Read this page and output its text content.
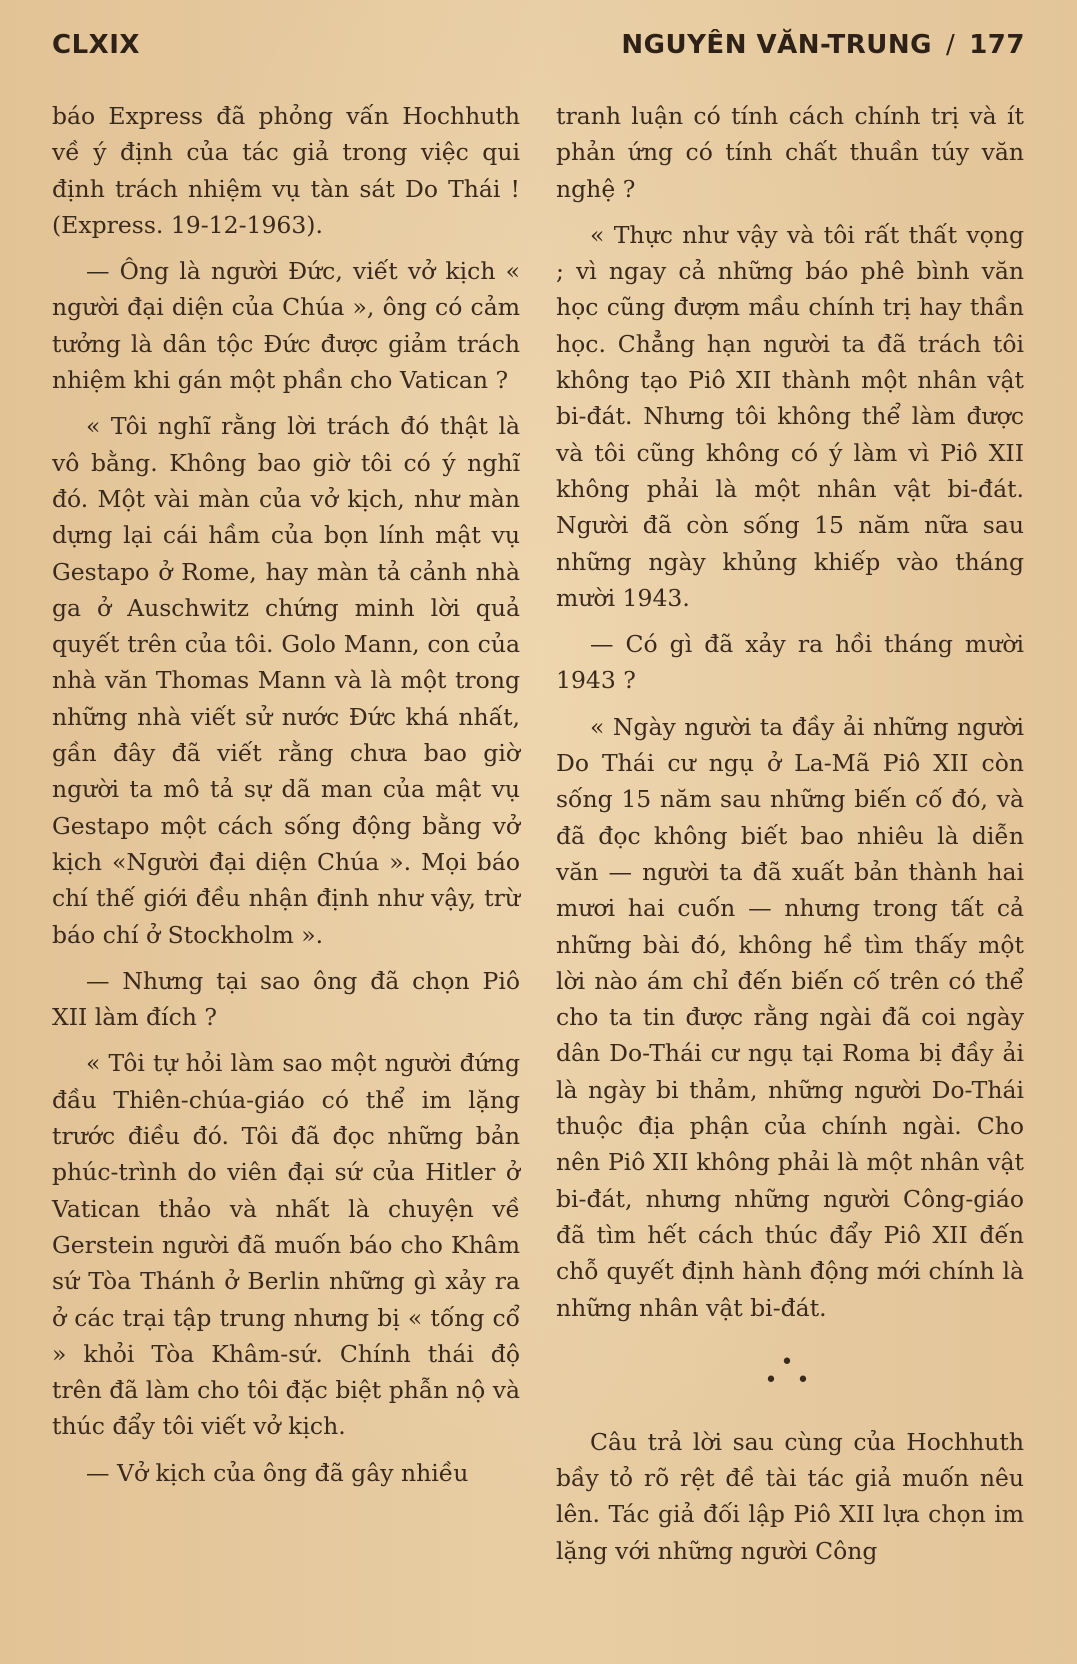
CLXIX	NGUYÊN VĂN-TRUNG / 177

báo Express đã phỏng vấn Hochhuth về ý định của tác giả trong việc qui định trách nhiệm vụ tàn sát Do Thái ! (Express. 19-12-1963).

— Ông là người Đức, viết vở kịch « người đại diện của Chúa », ông có cảm tưởng là dân tộc Đức được giảm trách nhiệm khi gán một phần cho Vatican ?

« Tôi nghĩ rằng lời trách đó thật là vô bằng. Không bao giờ tôi có ý nghĩ đó. Một vài màn của vở kịch, như màn dựng lại cái hầm của bọn lính mật vụ Gestapo ở Rome, hay màn tả cảnh nhà ga ở Auschwitz chứng minh lời quả quyết trên của tôi. Golo Mann, con của nhà văn Thomas Mann và là một trong những nhà viết sử nước Đức khá nhất, gần đây đã viết rằng chưa bao giờ người ta mô tả sự dã man của mật vụ Gestapo một cách sống động bằng vở kịch «Người đại diện Chúa ». Mọi báo chí thế giới đều nhận định như vậy, trừ báo chí ở Stockholm ».

— Nhưng tại sao ông đã chọn Piô XII làm đích ?

« Tôi tự hỏi làm sao một người đứng đầu Thiên-chúa-giáo có thể im lặng trước điều đó. Tôi đã đọc những bản phúc-trình do viên đại sứ của Hitler ở Vatican thảo và nhất là chuyện về Gerstein người đã muốn báo cho Khâm sứ Tòa Thánh ở Berlin những gì xảy ra ở các trại tập trung nhưng bị « tống cổ » khỏi Tòa Khâm-sứ. Chính thái độ trên đã làm cho tôi đặc biệt phẫn nộ và thúc đẩy tôi viết vở kịch.

— Vở kịch của ông đã gây nhiều

tranh luận có tính cách chính trị và ít phản ứng có tính chất thuần túy văn nghệ ?

« Thực như vậy và tôi rất thất vọng ; vì ngay cả những báo phê bình văn học cũng đượm mầu chính trị hay thần học. Chẳng hạn người ta đã trách tôi không tạo Piô XII thành một nhân vật bi-đát. Nhưng tôi không thể làm được và tôi cũng không có ý làm vì Piô XII không phải là một nhân vật bi-đát. Người đã còn sống 15 năm nữa sau những ngày khủng khiếp vào tháng mười 1943.

— Có gì đã xảy ra hồi tháng mười 1943 ?

« Ngày người ta đầy ải những người Do Thái cư ngụ ở La-Mã Piô XII còn sống 15 năm sau những biến cố đó, và đã đọc không biết bao nhiêu là diễn văn — người ta đã xuất bản thành hai mươi hai cuốn — nhưng trong tất cả những bài đó, không hề tìm thấy một lời nào ám chỉ đến biến cố trên có thể cho ta tin được rằng ngài đã coi ngày dân Do-Thái cư ngụ tại Roma bị đầy ải là ngày bi thảm, những người Do-Thái thuộc địa phận của chính ngài. Cho nên Piô XII không phải là một nhân vật bi-đát, nhưng những người Công-giáo đã tìm hết cách thúc đẩy Piô XII đến chỗ quyết định hành động mới chính là những nhân vật bi-đát.

•
• •

Câu trả lời sau cùng của Hochhuth bầy tỏ rõ rệt đề tài tác giả muốn nêu lên. Tác giả đối lập Piô XII lựa chọn im lặng với những người Công
